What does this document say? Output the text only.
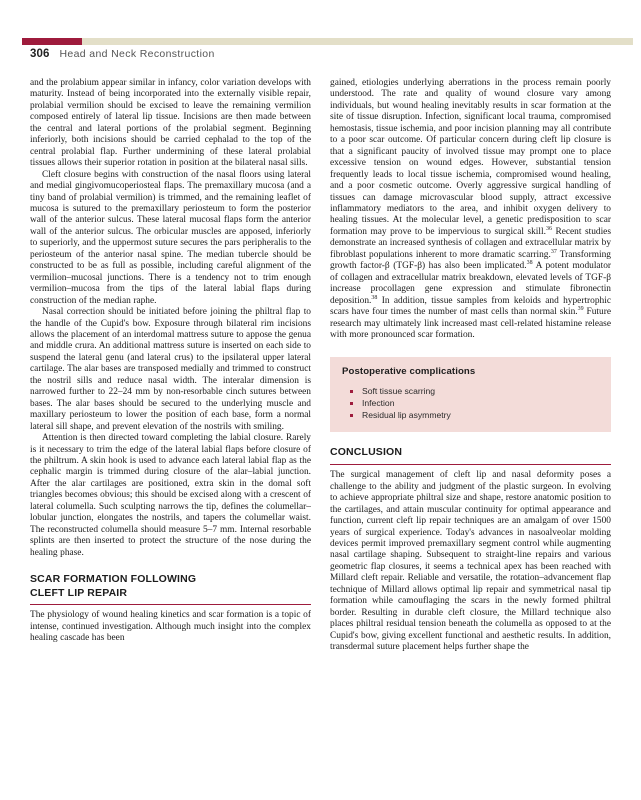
306 Head and Neck Reconstruction

and the prolabium appear similar in infancy, color variation develops with maturity. Instead of being incorporated into the externally visible repair, prolabial vermilion should be excised to leave the remaining vermilion composed entirely of lateral lip tissue. Incisions are then made between the central and lateral portions of the prolabial segment. Beginning inferiorly, both incisions should be carried cephalad to the top of the central prolabial flap. Further undermining of these lateral prolabial tissues allows their superior rotation in position at the bilateral nasal sills.

Cleft closure begins with construction of the nasal floors using lateral and medial gingivomucoperiosteal flaps. The premaxillary mucosa (and a tiny band of prolabial vermilion) is trimmed, and the remaining leaflet of mucosa is sutured to the premaxillary periosteum to form the posterior wall of the anterior sulcus. These lateral mucosal flaps form the anterior wall of the anterior sulcus. The orbicular muscles are apposed, inferiorly to superiorly, and the uppermost suture secures the pars peripheralis to the periosteum of the anterior nasal spine. The median tubercle should be constructed to be as full as possible, including careful alignment of the vermilion–mucosal junctions. There is a tendency not to trim enough vermilion–mucosa from the tips of the lateral labial flaps during construction of the median raphe.

Nasal correction should be initiated before joining the philtral flap to the handle of the Cupid's bow. Exposure through bilateral rim incisions allows the placement of an interdomal mattress suture to appose the genua and middle crura. An additional mattress suture is inserted on each side to suspend the lateral genu (and lateral crus) to the ipsilateral upper lateral cartilage. The alar bases are transposed medially and trimmed to construct the nostril sills and reduce nasal width. The interalar dimension is narrowed further to 22–24 mm by non-resorbable cinch sutures between bases. The alar bases should be secured to the underlying muscle and maxillary periosteum to lower the position of each base, form a normal lateral sill shape, and prevent elevation of the nostrils with smiling.

Attention is then directed toward completing the labial closure. Rarely is it necessary to trim the edge of the lateral labial flaps before closure of the philtrum. A skin hook is used to advance each lateral labial flap as the cephalic margin is trimmed during closure of the alar–labial junction. After the alar cartilages are positioned, extra skin in the domal soft triangles becomes obvious; this should be excised along with a crescent of lateral columella. Such sculpting narrows the tip, defines the columellar–lobular junction, elongates the nostrils, and tapers the columellar waist. The reconstructed columella should measure 5–7 mm. Internal resorbable splints are then inserted to protect the structure of the nose during the healing phase.

SCAR FORMATION FOLLOWING
CLEFT LIP REPAIR

The physiology of wound healing kinetics and scar formation is a topic of intense, continued investigation. Although much insight into the complex healing cascade has been

gained, etiologies underlying aberrations in the process remain poorly understood. The rate and quality of wound closure vary among individuals, but wound healing inevitably results in scar formation at the site of tissue disruption. Infection, significant local trauma, compromised hemostasis, tissue ischemia, and poor incision planning may all contribute to a poor scar outcome. Of particular concern during cleft lip closure is that a significant paucity of involved tissue may prompt one to place excessive tension on wound edges. However, substantial tension frequently leads to local tissue ischemia, compromised wound healing, and a poor cosmetic outcome. Overly aggressive surgical handling of tissues can damage microvascular blood supply, attract excessive inflammatory mediators to the area, and inhibit oxygen delivery to healing tissues. At the molecular level, a genetic predisposition to scar formation may prove to be impervious to surgical skill.$^{36}$ Recent studies demonstrate an increased synthesis of collagen and extracellular matrix by fibroblast populations inherent to more dramatic scarring.$^{37}$ Transforming growth factor-β (TGF-β) has also been implicated.$^{38}$ A potent modulator of collagen and extracellular matrix breakdown, elevated levels of TGF-β increase procollagen gene expression and stimulate fibronectin deposition.$^{38}$ In addition, tissue samples from keloids and hypertrophic scars have four times the number of mast cells than normal skin.$^{39}$ Future research may ultimately link increased mast cell-related histamine release with more pronounced scar formation.

Postoperative complications
Soft tissue scarring
Infection
Residual lip asymmetry
CONCLUSION

The surgical management of cleft lip and nasal deformity poses a challenge to the ability and judgment of the plastic surgeon. In evolving to achieve appropriate philtral size and shape, restore anatomic position to the cartilages, and attain muscular continuity for optimal appearance and function, current cleft lip repair techniques are an amalgam of over 1500 years of surgical experience. Today's advances in nasoalveolar molding devices permit improved premaxillary segment control while augmenting nasal cartilage shaping. Subsequent to straight-line repairs and various geometric flap closures, it seems a technical apex has been reached with Millard cleft repair. Reliable and versatile, the rotation–advancement flap technique of Millard allows optimal lip repair and symmetrical nasal tip formation while camouflaging the scars in the newly formed philtral border. Resulting in durable cleft closure, the Millard technique also places philtral residual tension beneath the columella as opposed to at the Cupid's bow, giving excellent functional and aesthetic results. In addition, transdermal suture placement helps further shape the
